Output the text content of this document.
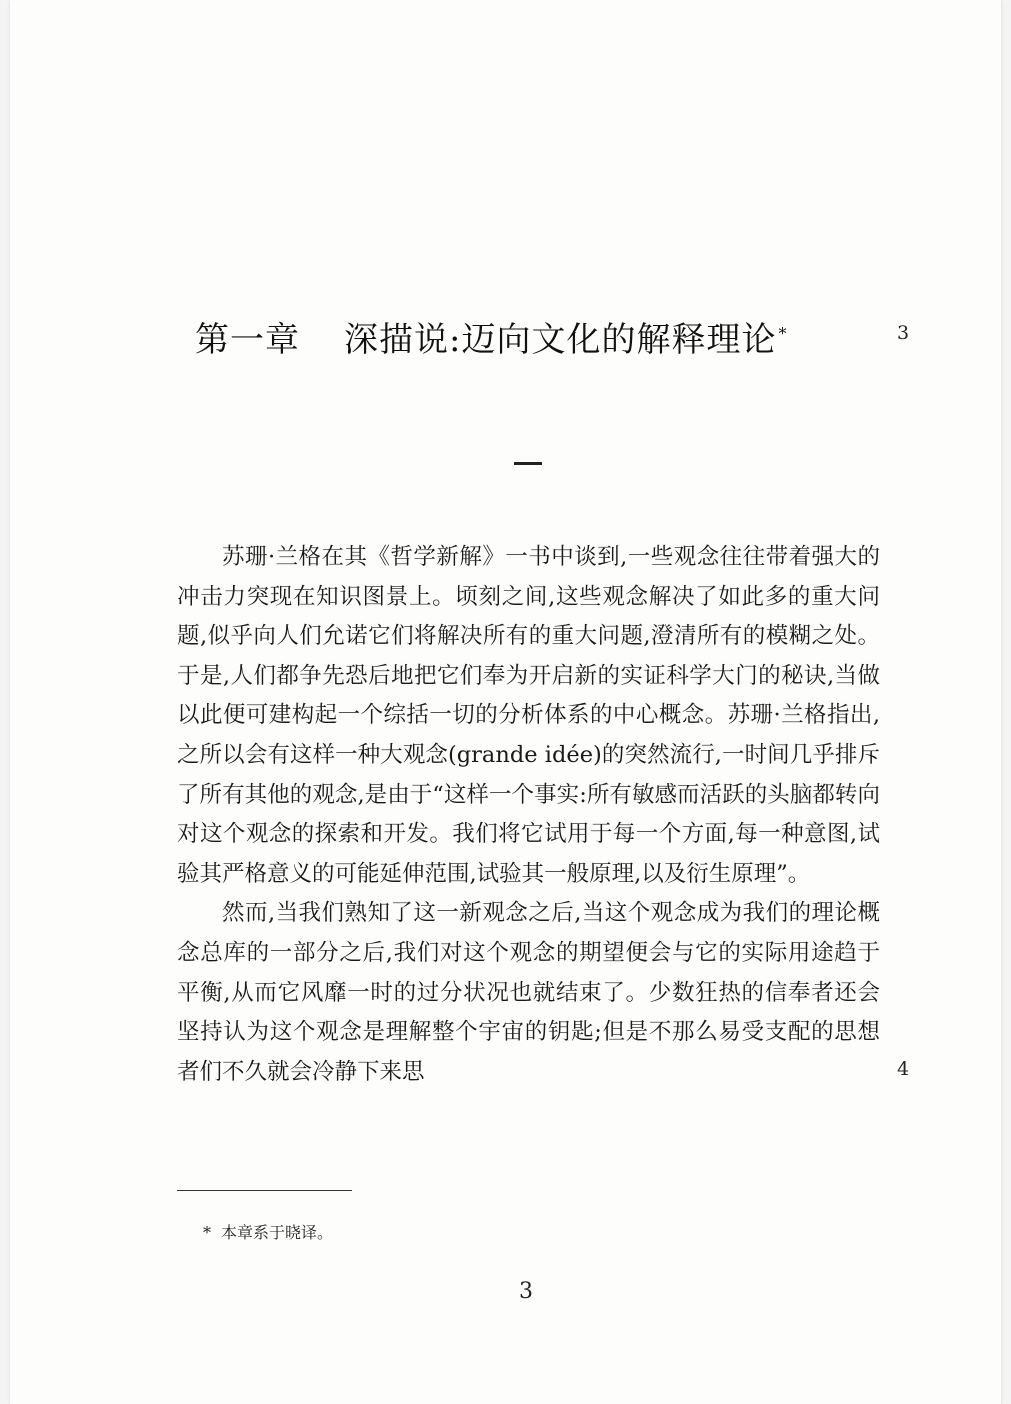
第一章 深描说:迈向文化的解释理论 *	3

苏珊·兰格在其《哲学新解》一书中谈到,一些观念往往带着强大的冲击力突现在知识图景上。顷刻之间,这些观念解决了如此多的重大问题,似乎向人们允诺它们将解决所有的重大问题,澄清所有的模糊之处。于是,人们都争先恐后地把它们奉为开启新的实证科学大门的秘诀,当做以此便可建构起一个综括一切的分析体系的中心概念。苏珊·兰格指出,之所以会有这样一种大观念(grande idée)的突然流行,一时间几乎排斥了所有其他的观念,是由于“这样一个事实:所有敏感而活跃的头脑都转向对这个观念的探索和开发。我们将它试用于每一个方面,每一种意图,试验其严格意义的可能延伸范围,试验其一般原理,以及衍生原理”。

然而,当我们熟知了这一新观念之后,当这个观念成为我们的理论概念总库的一部分之后,我们对这个观念的期望便会与它的实际用途趋于平衡,从而它风靡一时的过分状况也就结束了。少数狂热的信奉者还会坚持认为这个观念是理解整个宇宙的钥匙;但是不那么易受支配的思想者们不久就会冷静下来思	4
* 本章系于晓译。
3
